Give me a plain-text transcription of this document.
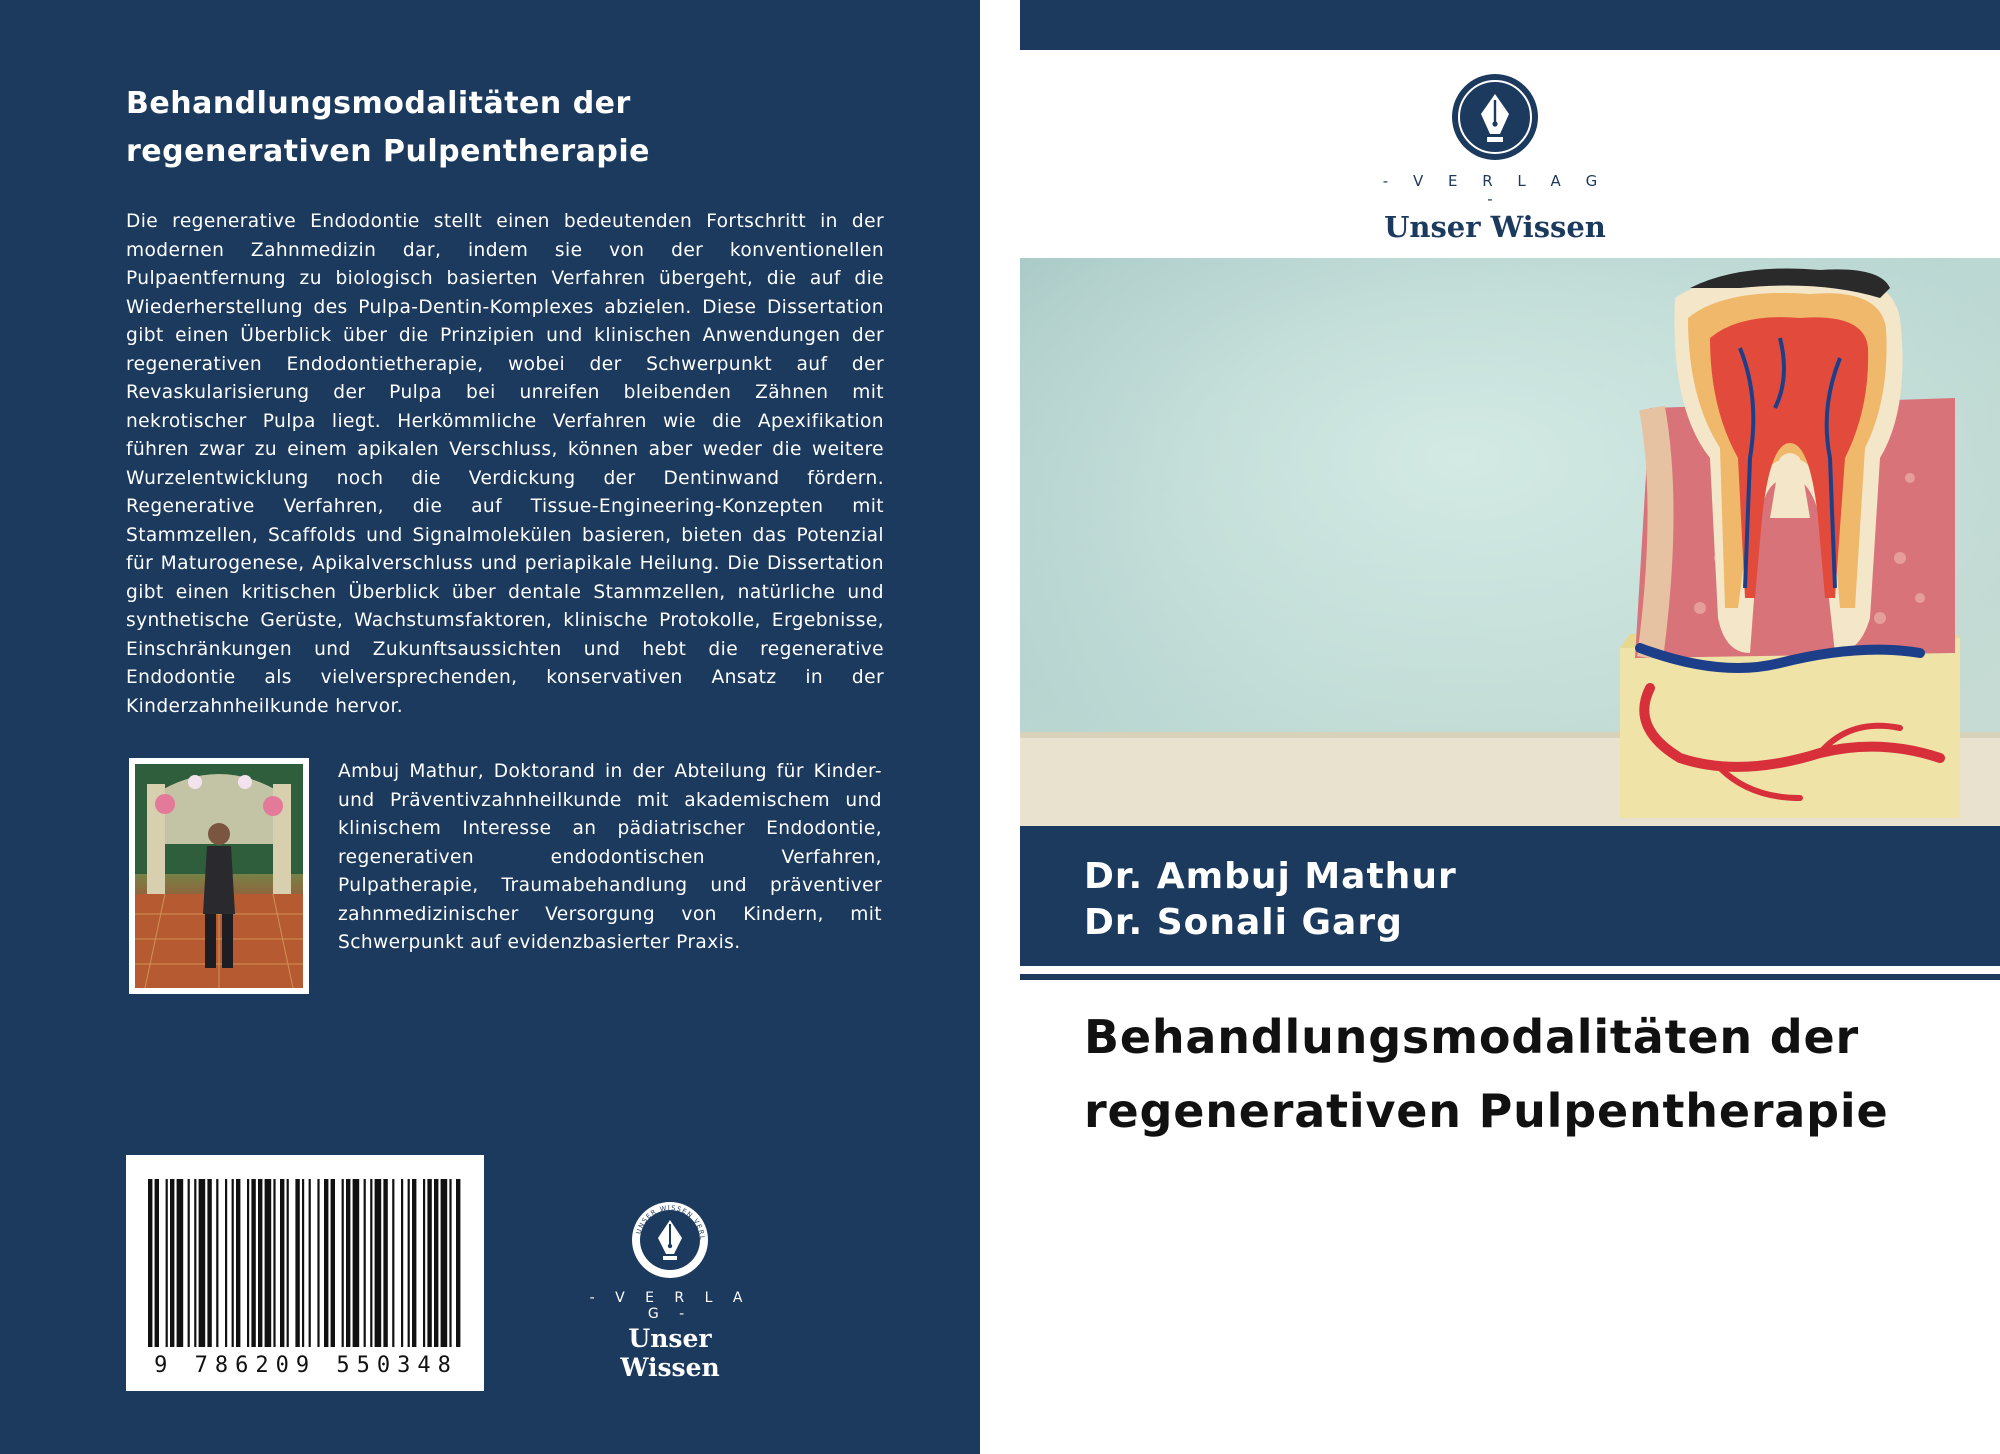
Behandlungsmodalitäten der
regenerativen Pulpentherapie

Die regenerative Endodontie stellt einen bedeutenden Fortschritt in der modernen Zahnmedizin dar, indem sie von der konventionellen Pulpaentfernung zu biologisch basierten Verfahren übergeht, die auf die Wiederherstellung des Pulpa-Dentin-Komplexes abzielen. Diese Dissertation gibt einen Überblick über die Prinzipien und klinischen Anwendungen der regenerativen Endodontietherapie, wobei der Schwerpunkt auf der Revaskularisierung der Pulpa bei unreifen bleibenden Zähnen mit nekrotischer Pulpa liegt. Herkömmliche Verfahren wie die Apexifikation führen zwar zu einem apikalen Verschluss, können aber weder die weitere Wurzelentwicklung noch die Verdickung der Dentinwand fördern. Regenerative Verfahren, die auf Tissue-Engineering-Konzepten mit Stammzellen, Scaffolds und Signalmolekülen basieren, bieten das Potenzial für Maturogenese, Apikalverschluss und periapikale Heilung. Die Dissertation gibt einen kritischen Überblick über dentale Stammzellen, natürliche und synthetische Gerüste, Wachstumsfaktoren, klinische Protokolle, Ergebnisse, Einschränkungen und Zukunftsaussichten und hebt die regenerative Endodontie als vielversprechenden, konservativen Ansatz in der Kinderzahnheilkunde hervor.

Ambuj Mathur, Doktorand in der Abteilung für Kinder- und Präventivzahnheilkunde mit akademischem und klinischem Interesse an pädiatrischer Endodontie, regenerativen endodontischen Verfahren, Pulpatherapie, Traumabehandlung und präventiver zahnmedizinischer Versorgung von Kindern, mit Schwerpunkt auf evidenzbasierter Praxis.

9 786209 550348

UNSER WISSEN VERL

- V E R L A G -

Unser Wissen

- V E R L A G -

Unser Wissen

Dr. Ambuj Mathur

Dr. Sonali Garg

Behandlungsmodalitäten der
regenerativen Pulpentherapie
